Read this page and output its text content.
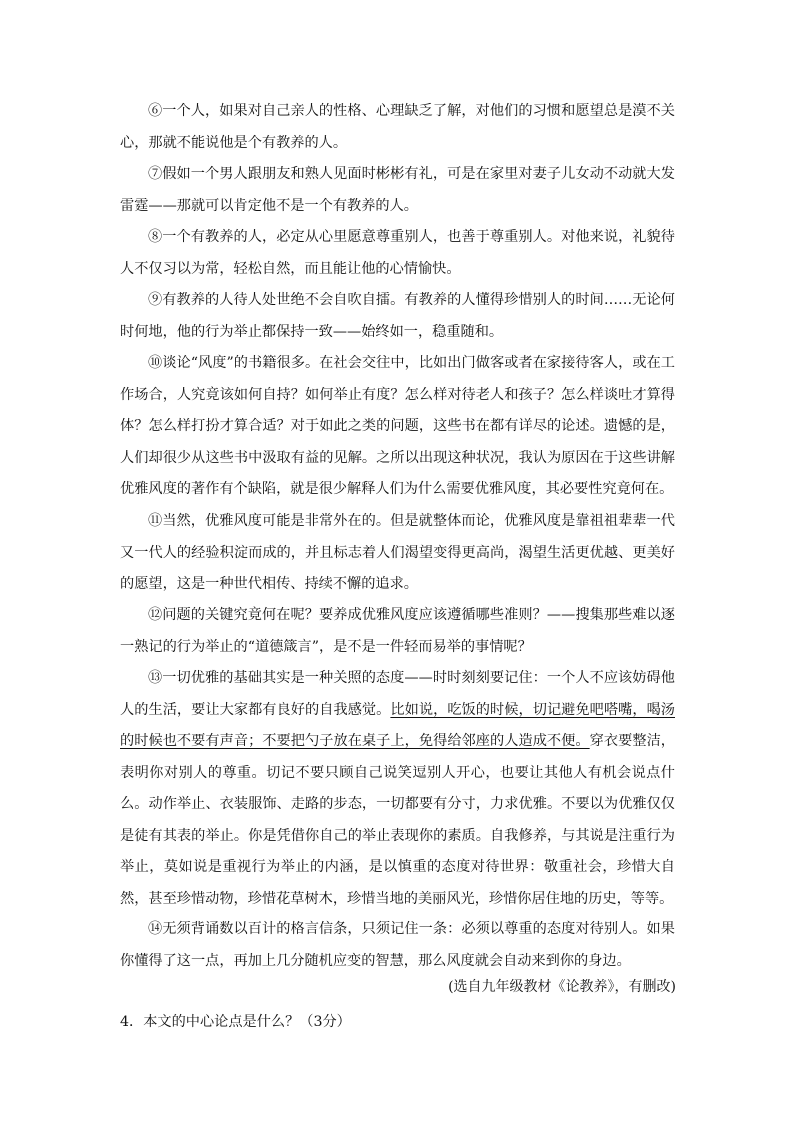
⑥一个人，如果对自己亲人的性格、心理缺乏了解，对他们的习惯和愿望总是漠不关心，那就不能说他是个有教养的人。

⑦假如一个男人跟朋友和熟人见面时彬彬有礼，可是在家里对妻子儿女动不动就大发雷霆——那就可以肯定他不是一个有教养的人。

⑧一个有教养的人，必定从心里愿意尊重别人，也善于尊重别人。对他来说，礼貌待人不仅习以为常，轻松自然，而且能让他的心情愉快。

⑨有教养的人待人处世绝不会自吹自擂。有教养的人懂得珍惜别人的时间……无论何时何地，他的行为举止都保持一致——始终如一，稳重随和。

⑩谈论“风度”的书籍很多。在社会交往中，比如出门做客或者在家接待客人，或在工作场合，人究竟该如何自持？如何举止有度？怎么样对待老人和孩子？怎么样谈吐才算得体？怎么样打扮才算合适？对于如此之类的问题，这些书在都有详尽的论述。遗憾的是，人们却很少从这些书中汲取有益的见解。之所以出现这种状况，我认为原因在于这些讲解优雅风度的著作有个缺陷，就是很少解释人们为什么需要优雅风度，其必要性究竟何在。

⑪当然，优雅风度可能是非常外在的。但是就整体而论，优雅风度是靠祖祖辈辈一代又一代人的经验积淀而成的，并且标志着人们渴望变得更高尚，渴望生活更优越、更美好的愿望，这是一种世代相传、持续不懈的追求。

⑫问题的关键究竟何在呢？要养成优雅风度应该遵循哪些准则？——搜集那些难以逐一熟记的行为举止的“道德箴言”，是不是一件轻而易举的事情呢？

⑬一切优雅的基础其实是一种关照的态度——时时刻刻要记住：一个人不应该妨碍他人的生活，要让大家都有良好的自我感觉。比如说，吃饭的时候，切记避免吧嗒嘴，喝汤的时候也不要有声音；不要把勺子放在桌子上，免得给邻座的人造成不便。穿衣要整洁，表明你对别人的尊重。切记不要只顾自己说笑逗别人开心，也要让其他人有机会说点什么。动作举止、衣装服饰、走路的步态，一切都要有分寸，力求优雅。不要以为优雅仅仅是徒有其表的举止。你是凭借你自己的举止表现你的素质。自我修养，与其说是注重行为举止，莫如说是重视行为举止的内涵，是以慎重的态度对待世界：敬重社会，珍惜大自然，甚至珍惜动物，珍惜花草树木，珍惜当地的美丽风光，珍惜你居住地的历史，等等。

⑭无须背诵数以百计的格言信条，只须记住一条：必须以尊重的态度对待别人。如果你懂得了这一点，再加上几分随机应变的智慧，那么风度就会自动来到你的身边。

(选自九年级教材《论教养》，有删改)

4．本文的中心论点是什么？（3分）
